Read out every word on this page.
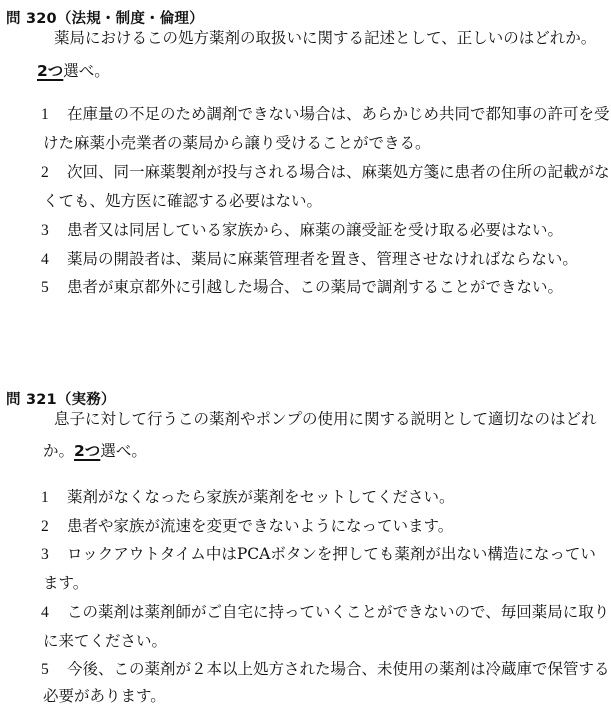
問 320（法規・制度・倫理）
薬局におけるこの処方薬剤の取扱いに関する記述として、正しいのはどれか。
2つ選べ。
1 在庫量の不足のため調剤できない場合は、あらかじめ共同で都知事の許可を受
けた麻薬小売業者の薬局から譲り受けることができる。
2 次回、同一麻薬製剤が投与される場合は、麻薬処方箋に患者の住所の記載がな
くても、処方医に確認する必要はない。
3 患者又は同居している家族から、麻薬の譲受証を受け取る必要はない。
4 薬局の開設者は、薬局に麻薬管理者を置き、管理させなければならない。
5 患者が東京都外に引越した場合、この薬局で調剤することができない。
問 321（実務）
息子に対して行うこの薬剤やポンプの使用に関する説明として適切なのはどれ
か。2つ選べ。
1 薬剤がなくなったら家族が薬剤をセットしてください。
2 患者や家族が流速を変更できないようになっています。
3 ロックアウトタイム中はPCAボタンを押しても薬剤が出ない構造になってい
ます。
4 この薬剤は薬剤師がご自宅に持っていくことができないので、毎回薬局に取り
に来てください。
5 今後、この薬剤が２本以上処方された場合、未使用の薬剤は冷蔵庫で保管する
必要があります。
